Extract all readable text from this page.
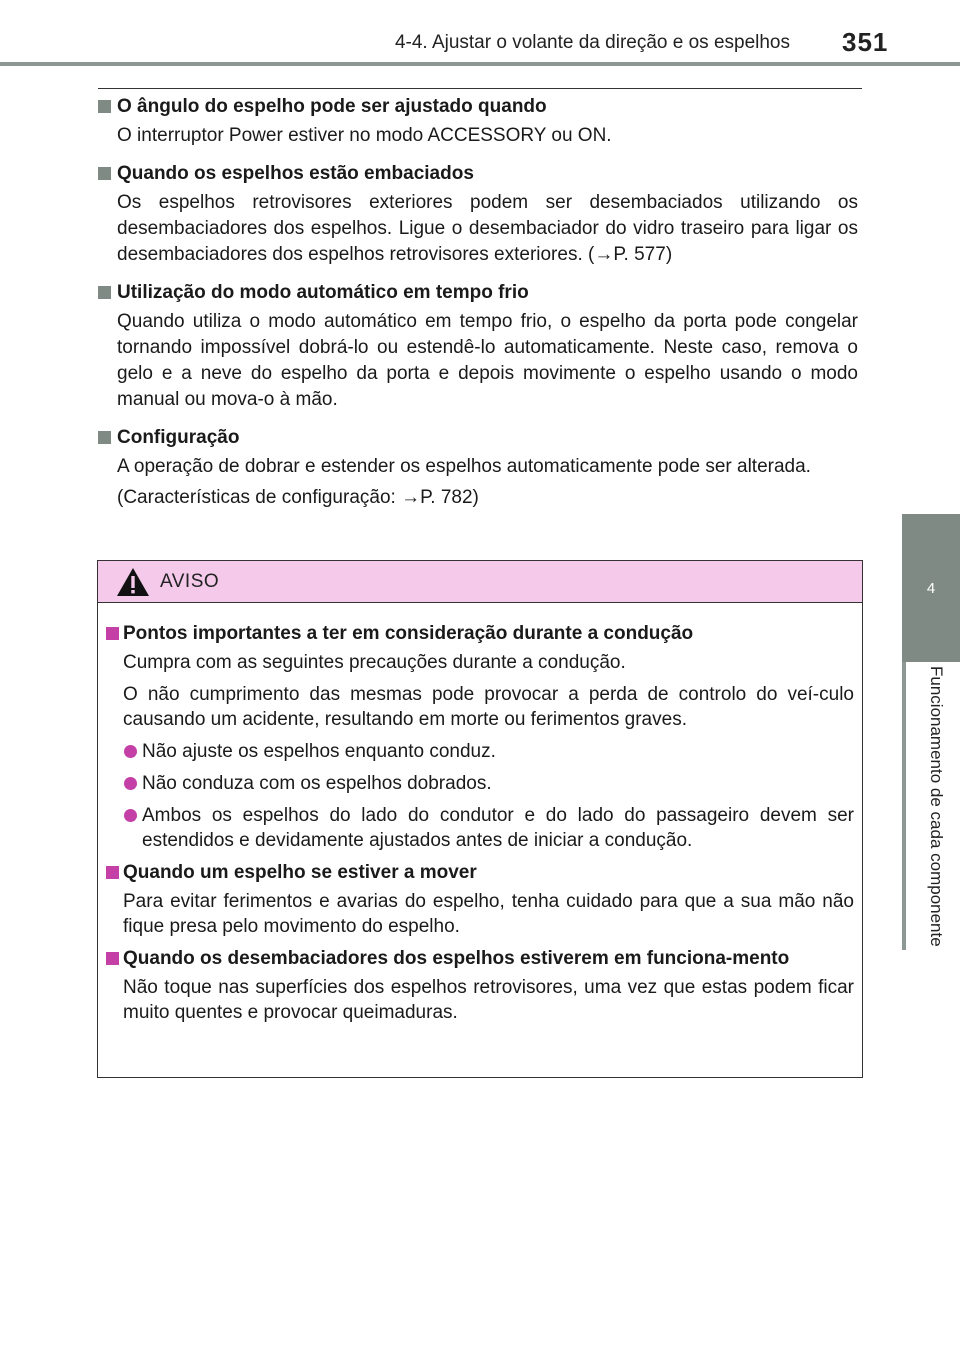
4-4. Ajustar o volante da direção e os espelhos 351
4
Funcionamento de cada componente
O ângulo do espelho pode ser ajustado quando

O interruptor Power estiver no modo ACCESSORY ou ON.

Quando os espelhos estão embaciados

Os espelhos retrovisores exteriores podem ser desembaciados utilizando os desembaciadores dos espelhos. Ligue o desembaciador do vidro traseiro para ligar os desembaciadores dos espelhos retrovisores exteriores. (→P. 577)

Utilização do modo automático em tempo frio

Quando utiliza o modo automático em tempo frio, o espelho da porta pode congelar tornando impossível dobrá-lo ou estendê-lo automaticamente. Neste caso, remova o gelo e a neve do espelho da porta e depois movimente o espelho usando o modo manual ou mova-o à mão.

Configuração

A operação de dobrar e estender os espelhos automaticamente pode ser alterada.

(Características de configuração: →P. 782)

AVISO
Pontos importantes a ter em consideração durante a condução

Cumpra com as seguintes precauções durante a condução.

O não cumprimento das mesmas pode provocar a perda de controlo do veí-culo causando um acidente, resultando em morte ou ferimentos graves.

Não ajuste os espelhos enquanto conduz.

Não conduza com os espelhos dobrados.

Ambos os espelhos do lado do condutor e do lado do passageiro devem ser estendidos e devidamente ajustados antes de iniciar a condução.

Quando um espelho se estiver a mover

Para evitar ferimentos e avarias do espelho, tenha cuidado para que a sua mão não fique presa pelo movimento do espelho.

Quando os desembaciadores dos espelhos estiverem em funciona-mento

Não toque nas superfícies dos espelhos retrovisores, uma vez que estas podem ficar muito quentes e provocar queimaduras.
